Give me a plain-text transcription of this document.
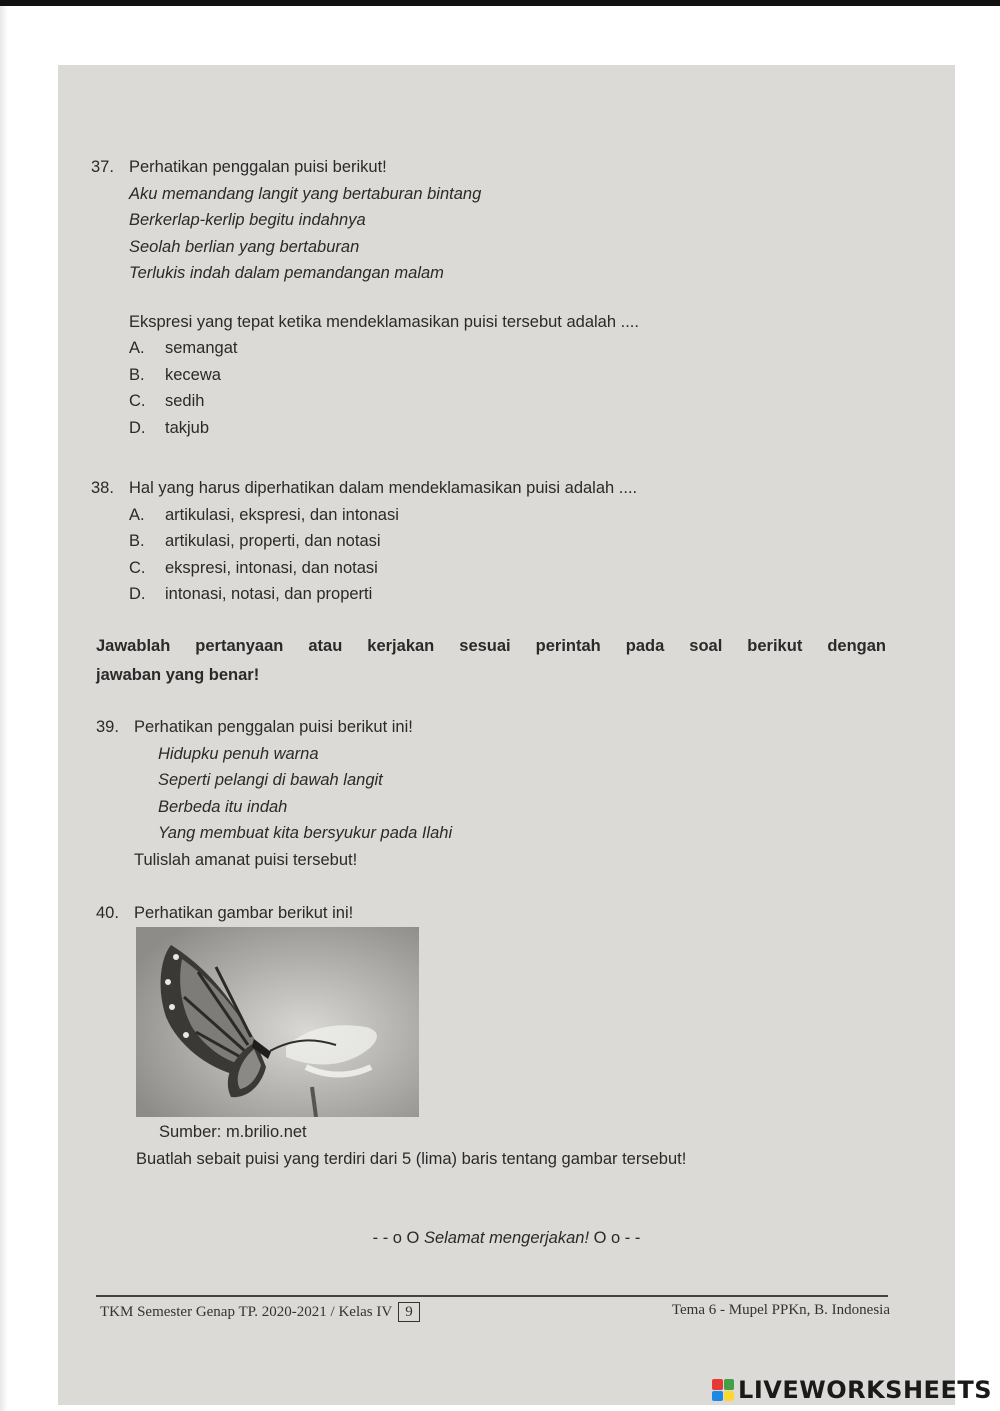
37. Perhatikan penggalan puisi berikut!
Aku memandang langit yang bertaburan bintang
Berkerlap-kerlip begitu indahnya
Seolah berlian yang bertaburan
Terlukis indah dalam pemandangan malam
Ekspresi yang tepat ketika mendeklamasikan puisi tersebut adalah ....
A. semangat
B. kecewa
C. sedih
D. takjub
38. Hal yang harus diperhatikan dalam mendeklamasikan puisi adalah ....
A. artikulasi, ekspresi, dan intonasi
B. artikulasi, properti, dan notasi
C. ekspresi, intonasi, dan notasi
D. intonasi, notasi, dan properti
Jawablah pertanyaan atau kerjakan sesuai perintah pada soal berikut dengan
jawaban yang benar!
39. Perhatikan penggalan puisi berikut ini!
Hidupku penuh warna
Seperti pelangi di bawah langit
Berbeda itu indah
Yang membuat kita bersyukur pada Ilahi
Tulislah amanat puisi tersebut!
40. Perhatikan gambar berikut ini!
Sumber: m.brilio.net
Buatlah sebait puisi yang terdiri dari 5 (lima) baris tentang gambar tersebut!
- - o O Selamat mengerjakan! O o - -
TKM Semester Genap TP. 2020-2021 / Kelas IV 9	Tema 6 - Mupel PPKn, B. Indonesia
LIVEWORKSHEETS
